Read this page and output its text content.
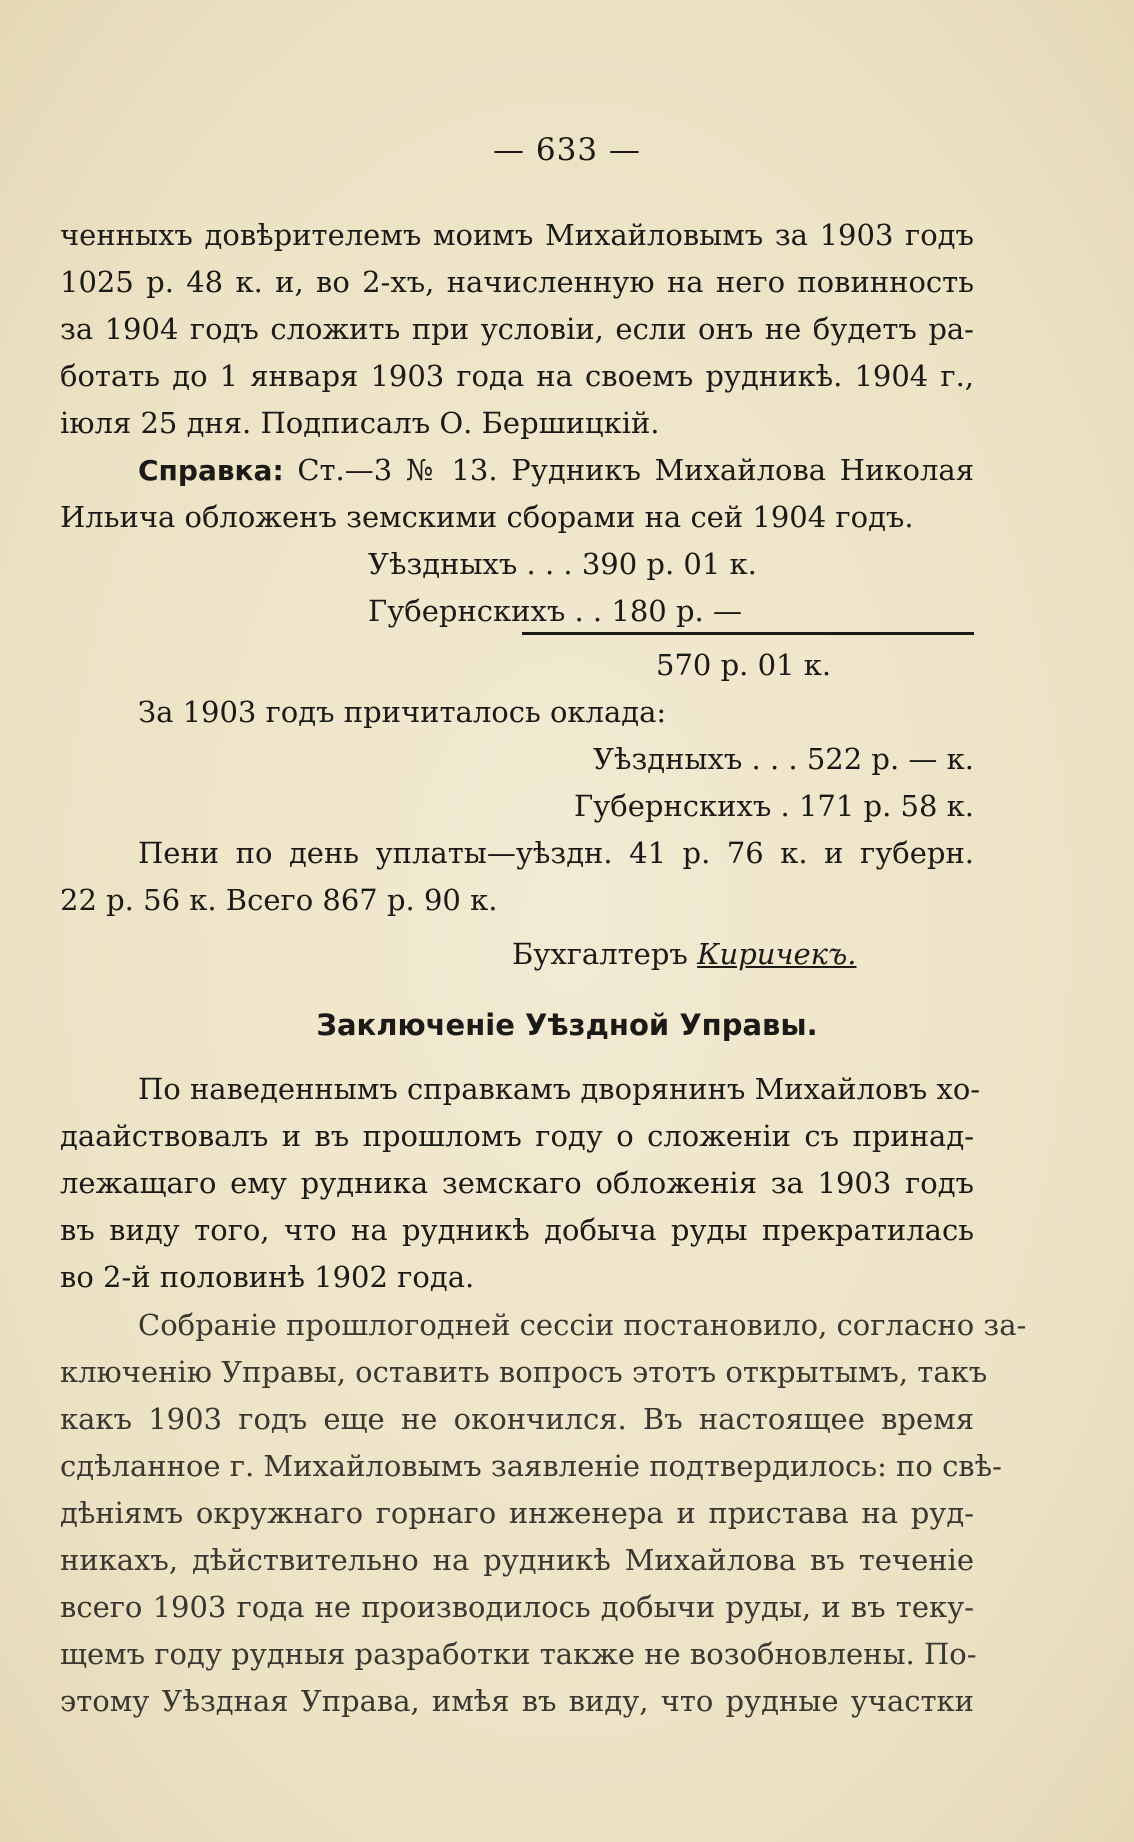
— 633 —
ченныхъ довѣрителемъ моимъ Михайловымъ за 1903 годъ
1025 р. 48 к. и, во 2-хъ, начисленную на него повинность
за 1904 годъ сложить при условіи, если онъ не будетъ ра-
ботать до 1 января 1903 года на своемъ рудникѣ. 1904 г.,
іюля 25 дня. Подписалъ О. Бершицкій.
Справка: Ст.—3 № 13. Рудникъ Михайлова Николая
Ильича обложенъ земскими сборами на сей 1904 годъ.
Уѣздныхъ . . . 390 р. 01 к.
Губернскихъ . . 180 р. —
570 р. 01 к.
За 1903 годъ причиталось оклада:
Уѣздныхъ . . . 522 р. — к.
Губернскихъ . 171 р. 58 к.
Пени по день уплаты—уѣздн. 41 р. 76 к. и губерн.
22 р. 56 к. Всего 867 р. 90 к.
Бухгалтеръ Киричекъ.
Заключеніе Уѣздной Управы.
По наведеннымъ справкамъ дворянинъ Михайловъ хо-
даайствовалъ и въ прошломъ году о сложеніи съ принад-
лежащаго ему рудника земскаго обложенія за 1903 годъ
въ виду того, что на рудникѣ добыча руды прекратилась
во 2-й половинѣ 1902 года.
Собраніе прошлогодней сессіи постановило, согласно за-
ключенію Управы, оставить вопросъ этотъ открытымъ, такъ
какъ 1903 годъ еще не окончился. Въ настоящее время
сдѣланное г. Михайловымъ заявленіе подтвердилось: по свѣ-
дѣніямъ окружнаго горнаго инженера и пристава на руд-
никахъ, дѣйствительно на рудникѣ Михайлова въ теченіе
всего 1903 года не производилось добычи руды, и въ теку-
щемъ году рудныя разработки также не возобновлены. По-
этому Уѣздная Управа, имѣя въ виду, что рудные участки
